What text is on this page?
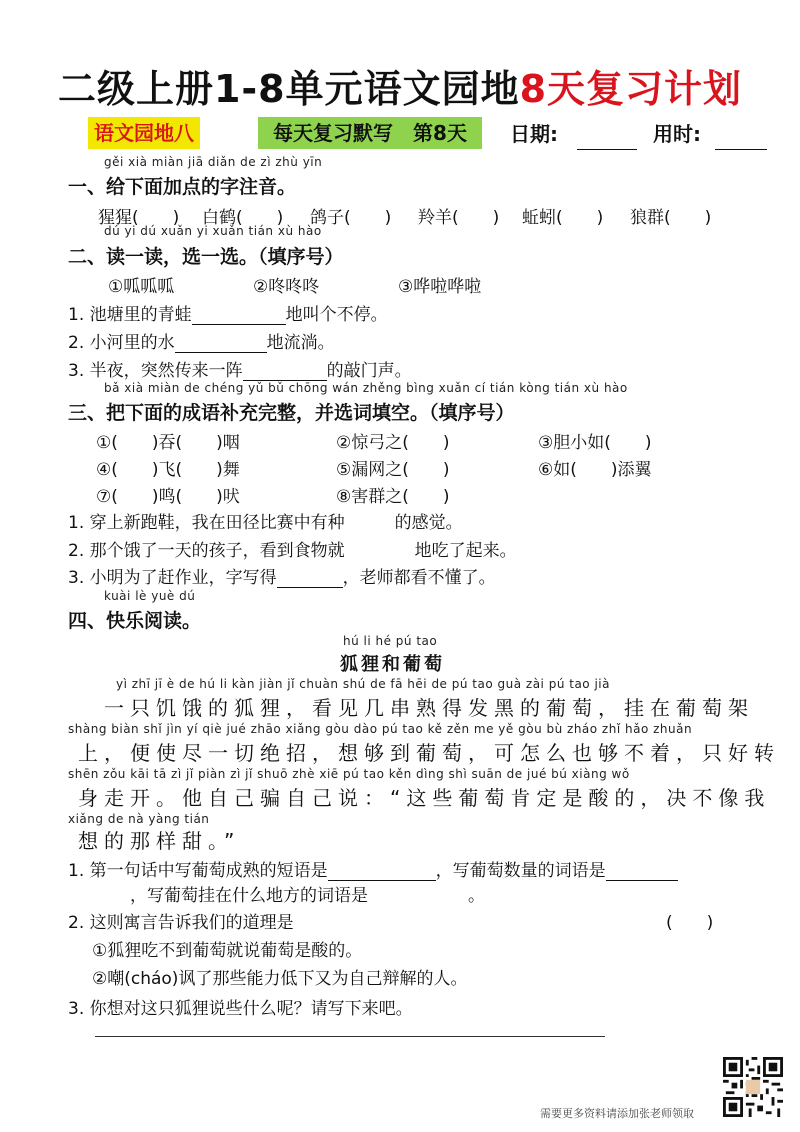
二级上册1-8单元语文园地8天复习计划
语文园地八	每天复习默写　第8天	日期:	用时:
gěi xià miàn jiā diǎn de zì zhù yīn
一、给下面加点的字注音。
猩猩(　　) 白鹤(　　) 鸽子(　　) 羚羊(　　) 蚯蚓(　　) 狼群(　　)
dú yi dú xuǎn yi xuǎn tián xù hào
二、读一读，选一选。（填序号）
①呱呱呱	②咚咚咚	③哗啦哗啦
1. 池塘里的青蛙	地叫个不停。
2. 小河里的水	地流淌。
3. 半夜，突然传来一阵	的敲门声。
bǎ xià miàn de chéng yǔ bǔ chōng wán zhěng bìng xuǎn cí tián kòng tián xù hào
三、把下面的成语补充完整，并选词填空。（填序号）
①(　　)吞(　　)咽	②惊弓之(　　)	③胆小如(　　)
④(　　)飞(　　)舞	⑤漏网之(　　)	⑥如(　　)添翼
⑦(　　)鸣(　　)吠	⑧害群之(　　)
1. 穿上新跑鞋，我在田径比赛中有种	的感觉。
2. 那个饿了一天的孩子，看到食物就	地吃了起来。
3. 小明为了赶作业，字写得	，老师都看不懂了。
kuài lè yuè dú
四、快乐阅读。
hú li hé pú tao
狐狸和葡萄
yì zhī jī è de hú li kàn jiàn jǐ chuàn shú de fā hēi de pú tao guà zài pú tao jià
一只饥饿的狐狸，看见几串熟得发黑的葡萄，挂在葡萄架
shàng biàn shǐ jìn yí qiè jué zhāo xiǎng gòu dào pú tao kě zěn me yě gòu bù zháo zhǐ hǎo zhuǎn
上，便使尽一切绝招，想够到葡萄，可怎么也够不着，只好转
shēn zǒu kāi tā zì jǐ piàn zì jǐ shuō zhè xiē pú tao kěn dìng shì suān de jué bú xiàng wǒ
身走开。他自己骗自己说：“这些葡萄肯定是酸的，决不像我
xiǎng de nà yàng tián
想的那样甜。”
1. 第一句话中写葡萄成熟的短语是	，写葡萄数量的词语是
，写葡萄挂在什么地方的词语是	。
2. 这则寓言告诉我们的道理是	(　　)
①狐狸吃不到葡萄就说葡萄是酸的。
②嘲(cháo)讽了那些能力低下又为自己辩解的人。
3. 你想对这只狐狸说些什么呢？请写下来吧。
需要更多资料请添加张老师领取
